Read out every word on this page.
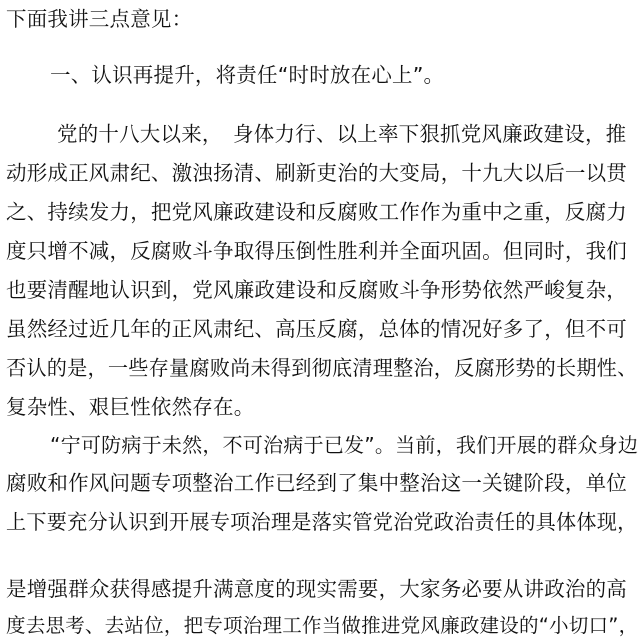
下面我讲三点意见：
一、认识再提升，将责任“时时放在心上”。
党的十八大以来，　身体力行、以上率下狠抓党风廉政建设，推
动形成正风肃纪、激浊扬清、刷新吏治的大变局，十九大以后一以贯
之、持续发力，把党风廉政建设和反腐败工作作为重中之重，反腐力
度只增不减，反腐败斗争取得压倒性胜利并全面巩固。但同时，我们
也要清醒地认识到，党风廉政建设和反腐败斗争形势依然严峻复杂，
虽然经过近几年的正风肃纪、高压反腐，总体的情况好多了，但不可
否认的是，一些存量腐败尚未得到彻底清理整治，反腐形势的长期性、
复杂性、艰巨性依然存在。
“宁可防病于未然，不可治病于已发”。当前，我们开展的群众身边
腐败和作风问题专项整治工作已经到了集中整治这一关键阶段，单位
上下要充分认识到开展专项治理是落实管党治党政治责任的具体体现，
是增强群众获得感提升满意度的现实需要，大家务必要从讲政治的高
度去思考、去站位，把专项治理工作当做推进党风廉政建设的“小切口”，
